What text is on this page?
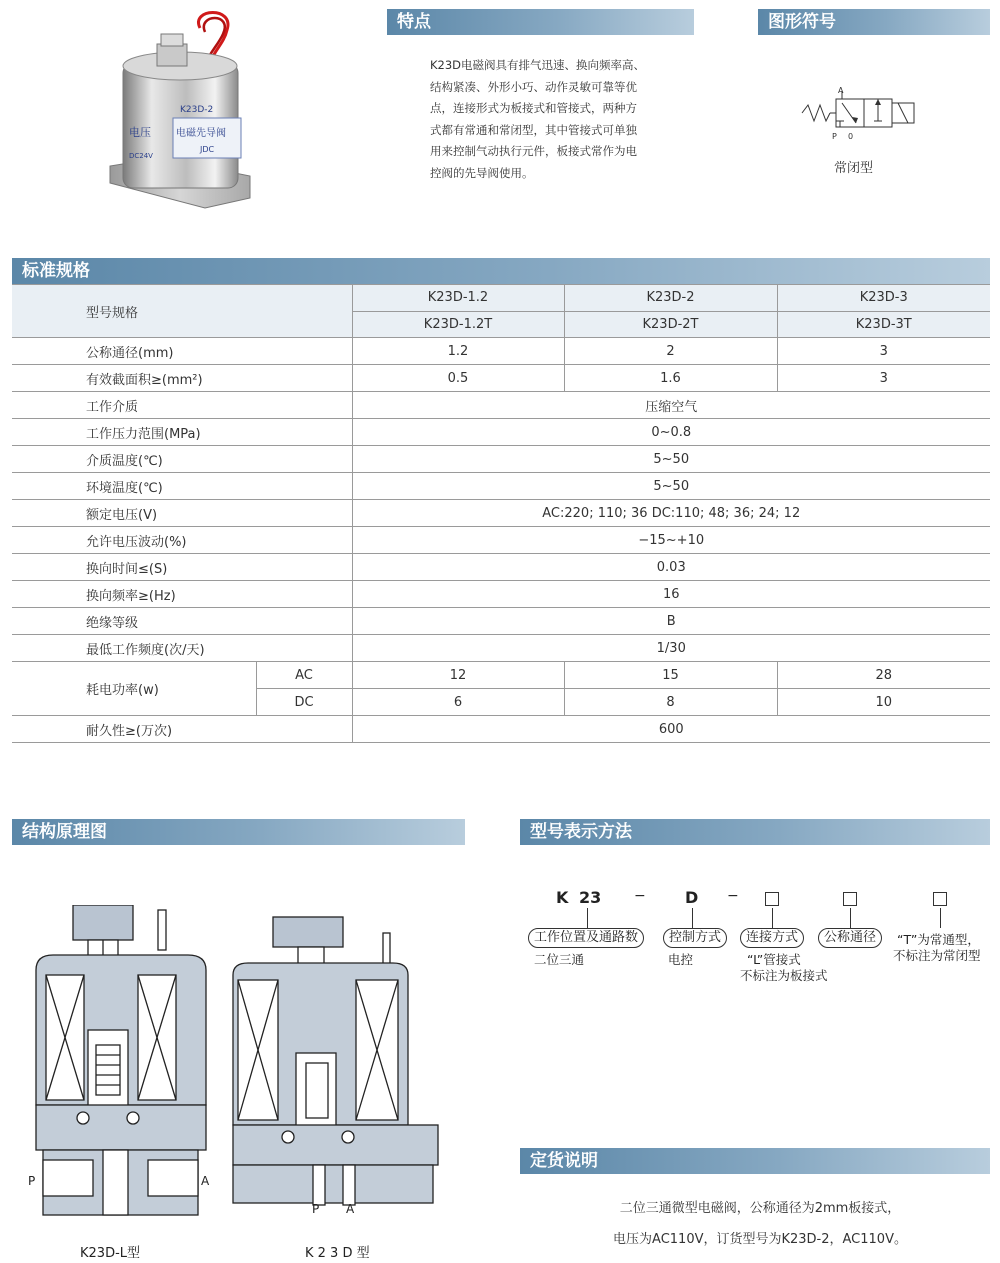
电压
K23D-2
电磁先导阀
DC24V
JDC
特点
K23D电磁阀具有排气迅速、换向频率高、
结构紧凑、外形小巧、动作灵敏可靠等优
点，连接形式为板接式和管接式，两种方
式都有常通和常闭型，其中管接式可单独
用来控制气动执行元件，板接式常作为电
控阀的先导阀使用。
图形符号
A
P 0
常闭型
标准规格
型号规格		K23D-1.2	K23D-2	K23D-3
		K23D-1.2T	K23D-2T	K23D-3T
公称通径(mm)		1.2	2	3
有效截面积≥(mm²)		0.5	1.6	3
工作介质		压缩空气		
工作压力范围(MPa)		0~0.8		
介质温度(℃)		5~50		
环境温度(℃)		5~50		
额定电压(V)		AC:220; 110; 36 DC:110; 48; 36; 24; 12		
允许电压波动(%)		−15~+10		
换向时间≤(S)		0.03		
换向频率≥(Hz)		16		
绝缘等级		B		
最低工作频度(次/天)		1/30		
耗电功率(w)	AC	12	15	28
	DC	6	8	10
耐久性≥(万次)		600		
结构原理图
P	A
P A
K23D-L型	K 2 3 D 型
型号表示方法
K 23 − D −
工作位置及通路数	控制方式	连接方式	公称通径
二位三通	电控	“L”管接式
不标注为板接式
“T”为常通型，
不标注为常闭型
定货说明
二位三通微型电磁阀，公称通径为2mm板接式，
电压为AC110V，订货型号为K23D-2，AC110V。
